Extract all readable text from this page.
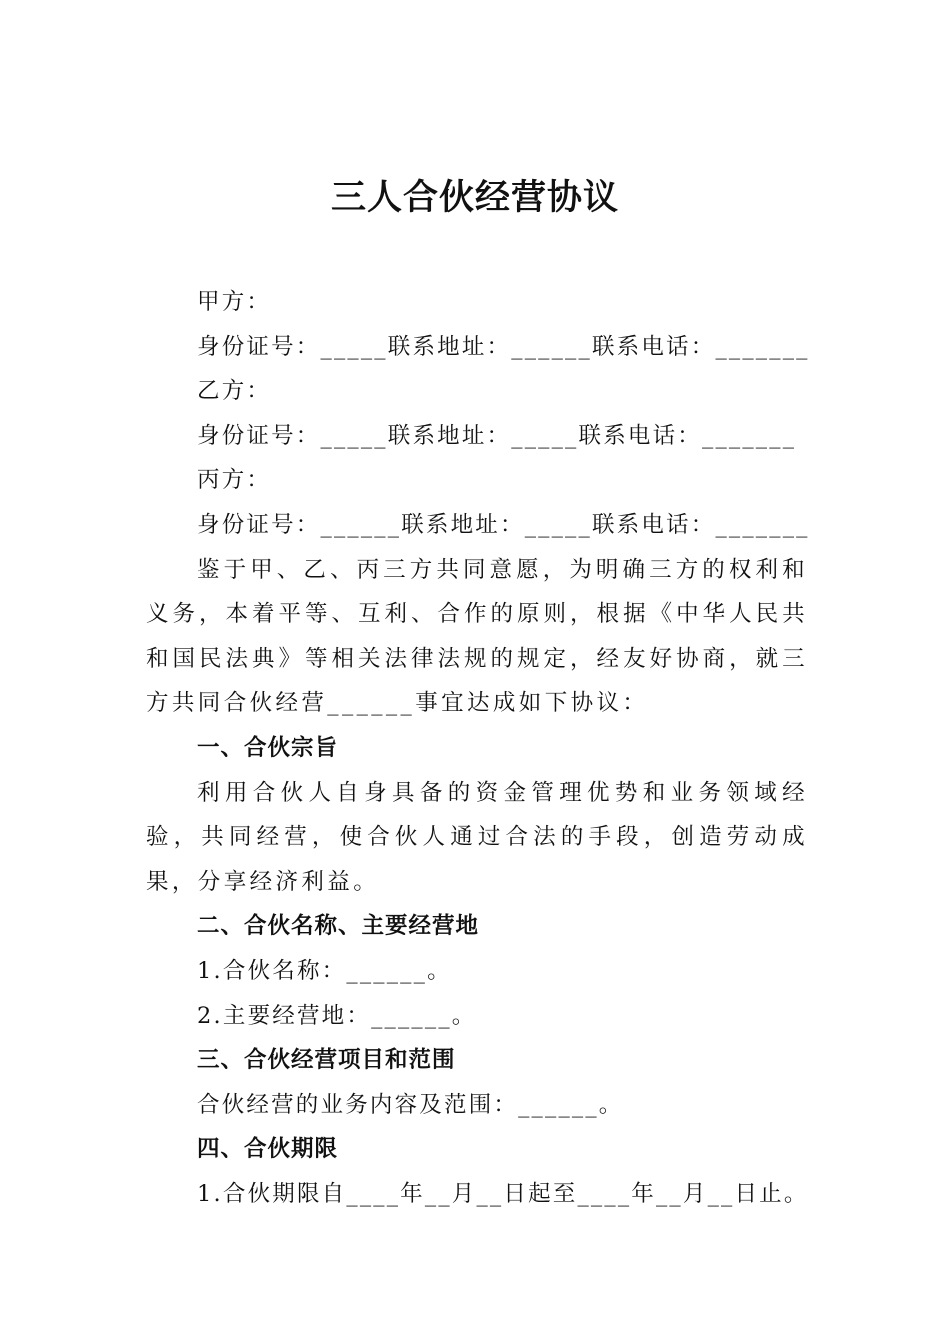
三人合伙经营协议
甲方：
身份证号：_____联系地址：______联系电话：_______
乙方：
身份证号：_____联系地址：_____联系电话：_______
丙方：
身份证号：______联系地址：_____联系电话：_______
鉴于甲、乙、丙三方共同意愿，为明确三方的权利和义务，本着平等、互利、合作的原则，根据《中华人民共和国民法典》等相关法律法规的规定，经友好协商，就三方共同合伙经营______事宜达成如下协议：
一、合伙宗旨
利用合伙人自身具备的资金管理优势和业务领域经验，共同经营，使合伙人通过合法的手段，创造劳动成果，分享经济利益。
二、合伙名称、主要经营地
1.合伙名称：______。
2.主要经营地：______。
三、合伙经营项目和范围
合伙经营的业务内容及范围：______。
四、合伙期限
1.合伙期限自____年__月__日起至____年__月__日止。
